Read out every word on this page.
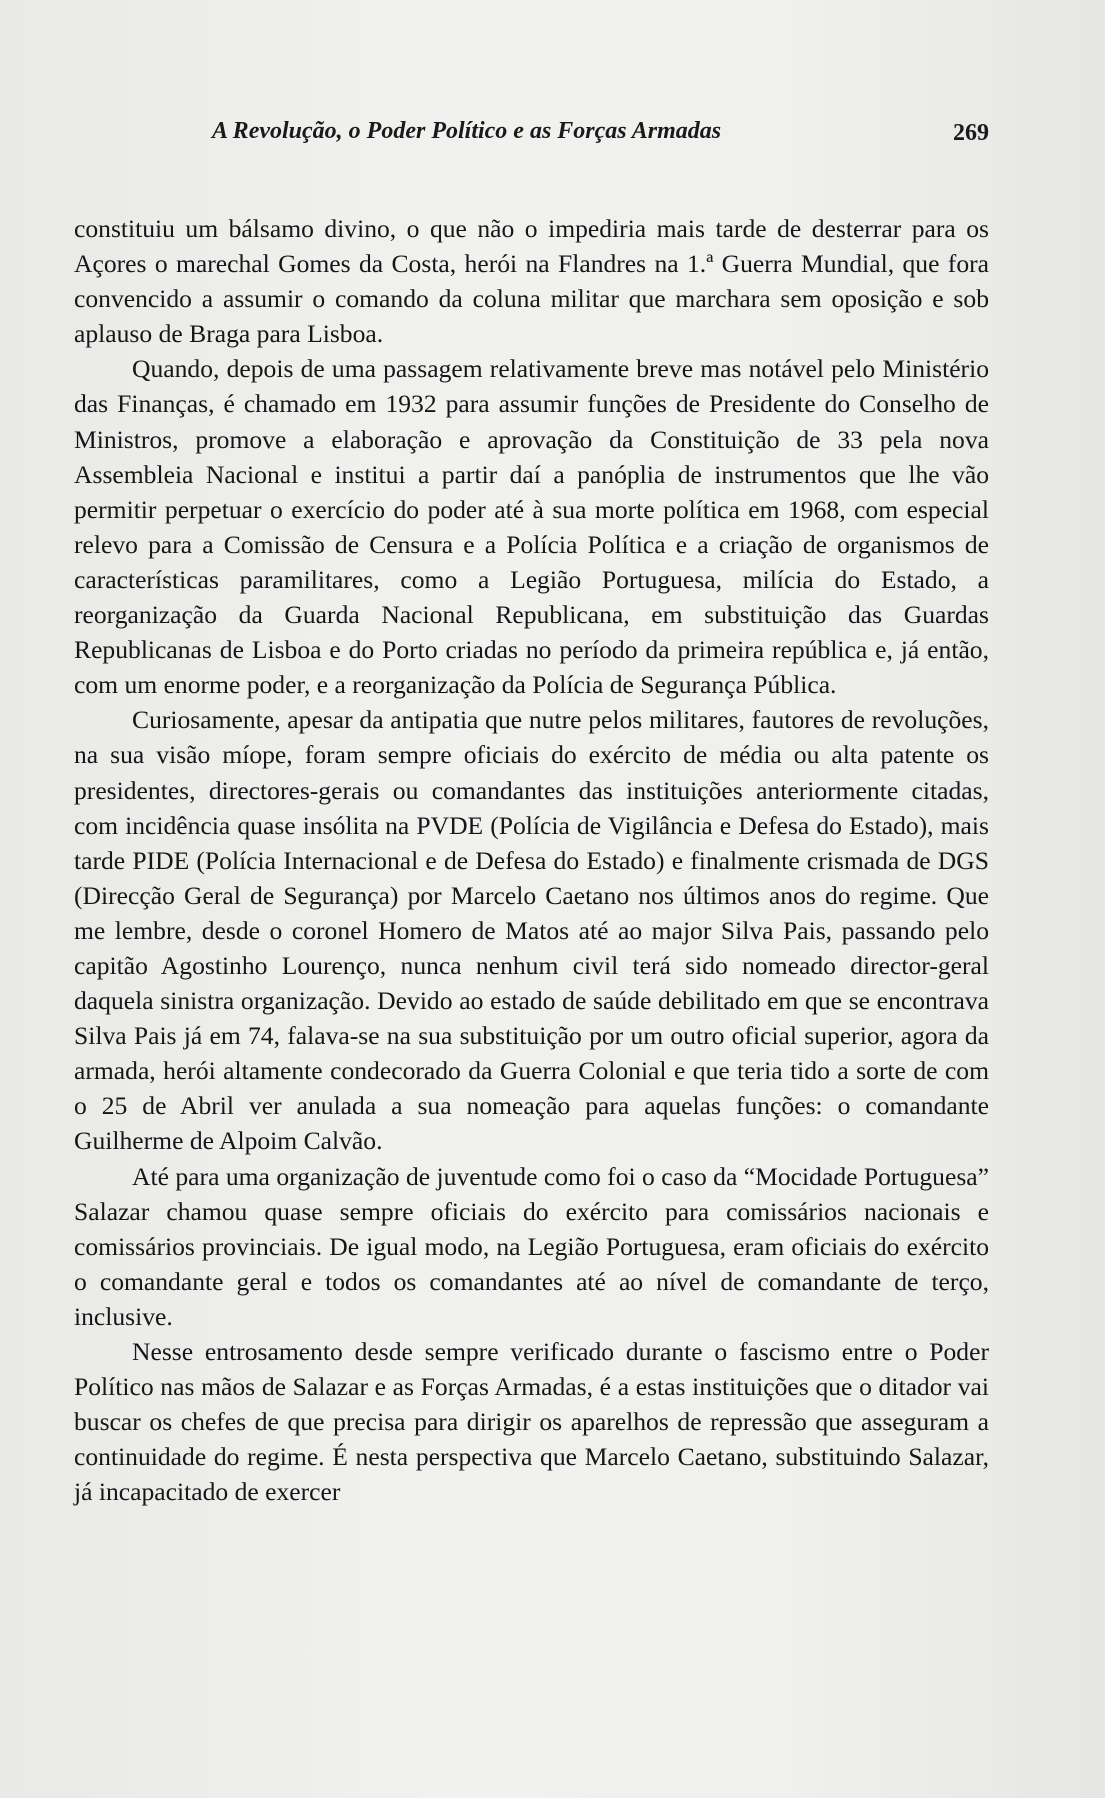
A Revolução, o Poder Político e as Forças Armadas	269

constituiu um bálsamo divino, o que não o impediria mais tarde de desterrar para os Açores o marechal Gomes da Costa, herói na Flandres na 1.ª Guerra Mundial, que fora convencido a assumir o comando da coluna militar que marchara sem oposição e sob aplauso de Braga para Lisboa.

Quando, depois de uma passagem relativamente breve mas notável pelo Ministério das Finanças, é chamado em 1932 para assumir funções de Presidente do Conselho de Ministros, promove a elaboração e aprovação da Constituição de 33 pela nova Assembleia Nacional e institui a partir daí a panóplia de instrumentos que lhe vão permitir perpetuar o exercício do poder até à sua morte política em 1968, com especial relevo para a Comissão de Censura e a Polícia Política e a criação de organismos de características paramilitares, como a Legião Portuguesa, milícia do Estado, a reorganização da Guarda Nacional Republicana, em substituição das Guardas Republicanas de Lisboa e do Porto criadas no período da primeira república e, já então, com um enorme poder, e a reorganização da Polícia de Segurança Pública.

Curiosamente, apesar da antipatia que nutre pelos militares, fautores de revoluções, na sua visão míope, foram sempre oficiais do exército de média ou alta patente os presidentes, directores-gerais ou comandantes das instituições anteriormente citadas, com incidência quase insólita na PVDE (Polícia de Vigilância e Defesa do Estado), mais tarde PIDE (Polícia Internacional e de Defesa do Estado) e finalmente crismada de DGS (Direcção Geral de Segurança) por Marcelo Caetano nos últimos anos do regime. Que me lembre, desde o coronel Homero de Matos até ao major Silva Pais, passando pelo capitão Agostinho Lourenço, nunca nenhum civil terá sido nomeado director-geral daquela sinistra organização. Devido ao estado de saúde debilitado em que se encontrava Silva Pais já em 74, falava-se na sua substituição por um outro oficial superior, agora da armada, herói altamente condecorado da Guerra Colonial e que teria tido a sorte de com o 25 de Abril ver anulada a sua nomeação para aquelas funções: o comandante Guilherme de Alpoim Calvão.

Até para uma organização de juventude como foi o caso da “Mocidade Portuguesa” Salazar chamou quase sempre oficiais do exército para comissários nacionais e comissários provinciais. De igual modo, na Legião Portuguesa, eram oficiais do exército o comandante geral e todos os comandantes até ao nível de comandante de terço, inclusive.

Nesse entrosamento desde sempre verificado durante o fascismo entre o Poder Político nas mãos de Salazar e as Forças Armadas, é a estas instituições que o ditador vai buscar os chefes de que precisa para dirigir os aparelhos de repressão que asseguram a continuidade do regime. É nesta perspectiva que Marcelo Caetano, substituindo Salazar, já incapacitado de exercer
